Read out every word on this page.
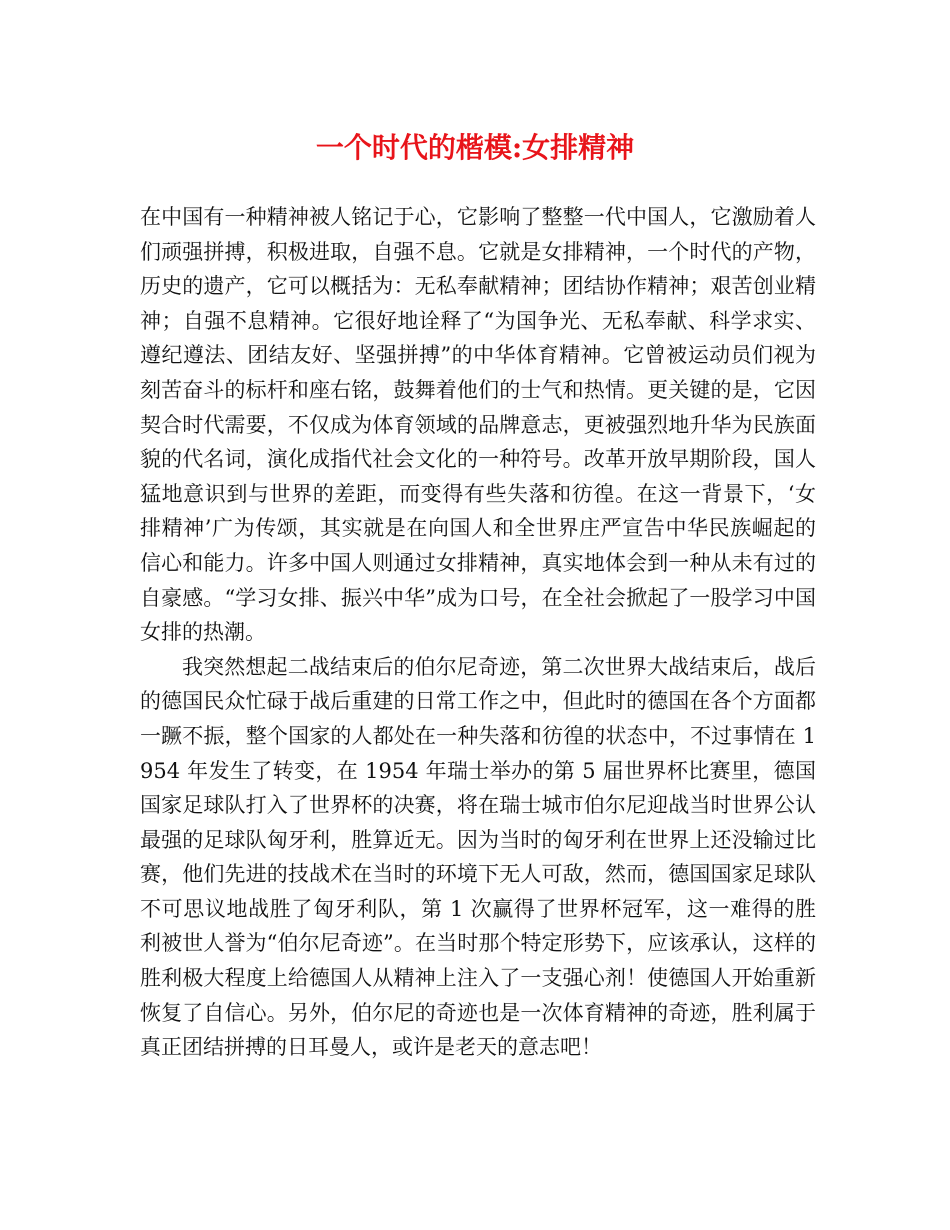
一个时代的楷模:女排精神

在中国有一种精神被人铭记于心，它影响了整整一代中国人，它激励着人们顽强拼搏，积极进取，自强不息。它就是女排精神，一个时代的产物，历史的遗产，它可以概括为：无私奉献精神；团结协作精神；艰苦创业精神；自强不息精神。它很好地诠释了“为国争光、无私奉献、科学求实、遵纪遵法、团结友好、坚强拼搏”的中华体育精神。它曾被运动员们视为刻苦奋斗的标杆和座右铭，鼓舞着他们的士气和热情。更关键的是，它因契合时代需要，不仅成为体育领域的品牌意志，更被强烈地升华为民族面貌的代名词，演化成指代社会文化的一种符号。改革开放早期阶段，国人猛地意识到与世界的差距，而变得有些失落和彷徨。在这一背景下，‘女排精神’广为传颂，其实就是在向国人和全世界庄严宣告中华民族崛起的信心和能力。许多中国人则通过女排精神，真实地体会到一种从未有过的自豪感。“学习女排、振兴中华”成为口号，在全社会掀起了一股学习中国女排的热潮。

我突然想起二战结束后的伯尔尼奇迹，第二次世界大战结束后，战后的德国民众忙碌于战后重建的日常工作之中，但此时的德国在各个方面都一蹶不振，整个国家的人都处在一种失落和彷徨的状态中，不过事情在 1954 年发生了转变，在 1954 年瑞士举办的第 5 届世界杯比赛里，德国国家足球队打入了世界杯的决赛，将在瑞士城市伯尔尼迎战当时世界公认最强的足球队匈牙利，胜算近无。因为当时的匈牙利在世界上还没输过比赛，他们先进的技战术在当时的环境下无人可敌，然而，德国国家足球队不可思议地战胜了匈牙利队，第 1 次赢得了世界杯冠军，这一难得的胜利被世人誉为“伯尔尼奇迹”。在当时那个特定形势下，应该承认，这样的胜利极大程度上给德国人从精神上注入了一支强心剂！使德国人开始重新恢复了自信心。另外，伯尔尼的奇迹也是一次体育精神的奇迹，胜利属于真正团结拼搏的日耳曼人，或许是老天的意志吧！
